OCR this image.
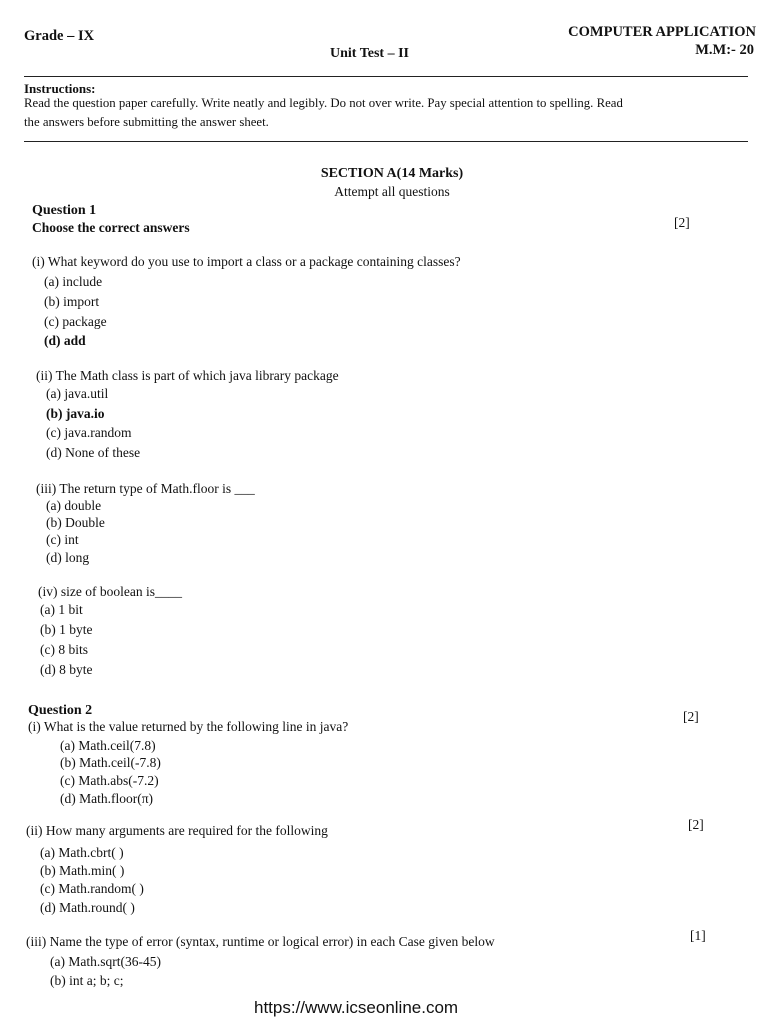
Grade – IX	COMPUTER APPLICATION
M.M:- 20
Unit Test – II
Instructions:
Read the question paper carefully. Write neatly and legibly. Do not over write. Pay special attention to spelling. Read
the answers before submitting the answer sheet.
SECTION A(14 Marks)
Attempt all questions
Question 1
Choose the correct answers	[2]
(i) What keyword do you use to import a class or a package containing classes?
(a) include
(b) import
(c) package
(d) add
(ii) The Math class is part of which java library package
(a) java.util
(b) java.io
(c) java.random
(d) None of these
(iii) The return type of Math.floor is ___
(a) double
(b) Double
(c) int
(d) long
(iv) size of boolean is____
(a) 1 bit
(b) 1 byte
(c) 8 bits
(d) 8 byte
Question 2
(i) What is the value returned by the following line in java?
[2]
(a) Math.ceil(7.8)
(b) Math.ceil(-7.8)
(c) Math.abs(-7.2)
(d) Math.floor(π)
(ii) How many arguments are required for the following	[2]
(a) Math.cbrt( )
(b) Math.min( )
(c) Math.random( )
(d) Math.round( )
(iii) Name the type of error (syntax, runtime or logical error) in each Case given below	[1]
(a) Math.sqrt(36-45)
(b) int a; b; c;
https://www.icseonline.com
